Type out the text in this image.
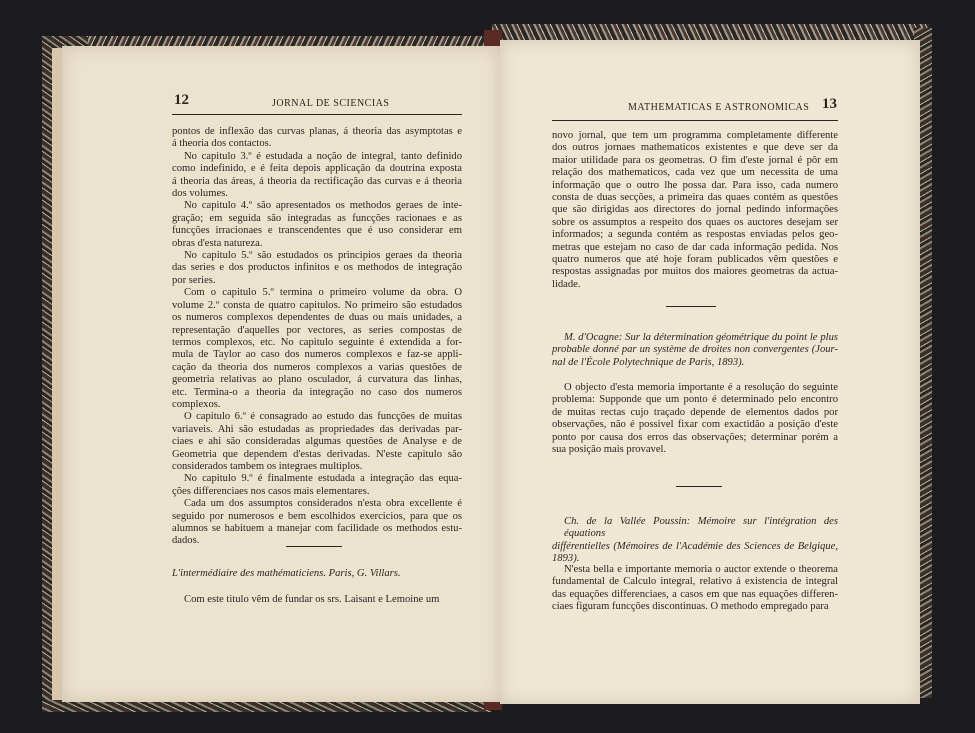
12	JORNAL DE SCIENCIAS
pontos de inflexão das curvas planas, á theoria das asymptotas e
á theoria dos contactos.
No capitulo 3.º é estudada a noção de integral, tanto definido
como indefinido, e é feita depois applicação da doutrina exposta
á theoria das áreas, á theoria da rectificação das curvas e á theoria
dos volumes.
No capitulo 4.º são apresentados os methodos geraes de inte-
gração; em seguida são integradas as funcções racionaes e as
funcções irracionaes e transcendentes que é uso considerar em
obras d'esta natureza.
No capitulo 5.º são estudados os principios geraes da theoria
das series e dos productos infinitos e os methodos de integração
por series.
Com o capitulo 5.º termina o primeiro volume da obra. O
volume 2.º consta de quatro capitulos. No primeiro são estudados
os numeros complexos dependentes de duas ou mais unidades, a
representação d'aquelles por vectores, as series compostas de
termos complexos, etc. No capitulo seguinte é extendida a for-
mula de Taylor ao caso dos numeros complexos e faz-se appli-
cação da theoria dos numeros complexos a varias questões de
geometria relativas ao plano osculador, á curvatura das linhas,
etc. Termina-o a theoria da integração no caso dos numeros
complexos.
O capitulo 6.º é consagrado ao estudo das funcções de muitas
variaveis. Ahi são estudadas as propriedades das derivadas par-
ciaes e ahi são consideradas algumas questões de Analyse e de
Geometria que dependem d'estas derivadas. N'este capitulo são
considerados tambem os integraes multiplos.
No capitulo 9.º é finalmente estudada a integração das equa-
ções differenciaes nos casos mais elementares.
Cada um dos assumptos considerados n'esta obra excellente é
seguido por numerosos e bem escolhidos exercicios, para que os
alumnos se habituem a manejar com facilidade os methodos estu-
dados.
L'intermédiaire des mathématiciens. Paris, G. Villars.
Com este titulo vêm de fundar os srs. Laisant e Lemoine um
MATHEMATICAS E ASTRONOMICAS 13
novo jornal, que tem um programma completamente differente
dos outros jornaes mathematicos existentes e que deve ser da
maior utilidade para os geometras. O fim d'este jornal é pôr em
relação dos mathematicos, cada vez que um necessita de uma
informação que o outro lhe possa dar. Para isso, cada numero
consta de duas secções, a primeira das quaes contém as questões
que são dirigidas aos directores do jornal pedindo informações
sobre os assumptos a respeito dos quaes os auctores desejam ser
informados; a segunda contém as respostas enviadas pelos geo-
metras que estejam no caso de dar cada informação pedida. Nos
quatro numeros que até hoje foram publicados vêm questões e
respostas assignadas por muitos dos maiores geometras da actua-
lidade.
M. d'Ocagne: Sur la détermination géométrique du point le plus
probable donné par un système de droites non convergentes (Jour-
nal de l'École Polytechnique de Paris, 1893).
O objecto d'esta memoria importante é a resolução do seguinte
problema: Supponde que um ponto é determinado pelo encontro
de muitas rectas cujo traçado depende de elementos dados por
observações, não é possivel fixar com exactidão a posição d'este
ponto por causa dos erros das observações; determinar porém a
sua posição mais provavel.
Ch. de la Vallée Poussin: Mémoire sur l'intégration des équations
différentielles (Mémoires de l'Académie des Sciences de Belgique,
1893).
N'esta bella e importante memoria o auctor extende o theorema
fundamental de Calculo integral, relativo á existencia de integral
das equações differenciaes, a casos em que nas equações differen-
ciaes figuram funcções discontinuas. O methodo empregado para
